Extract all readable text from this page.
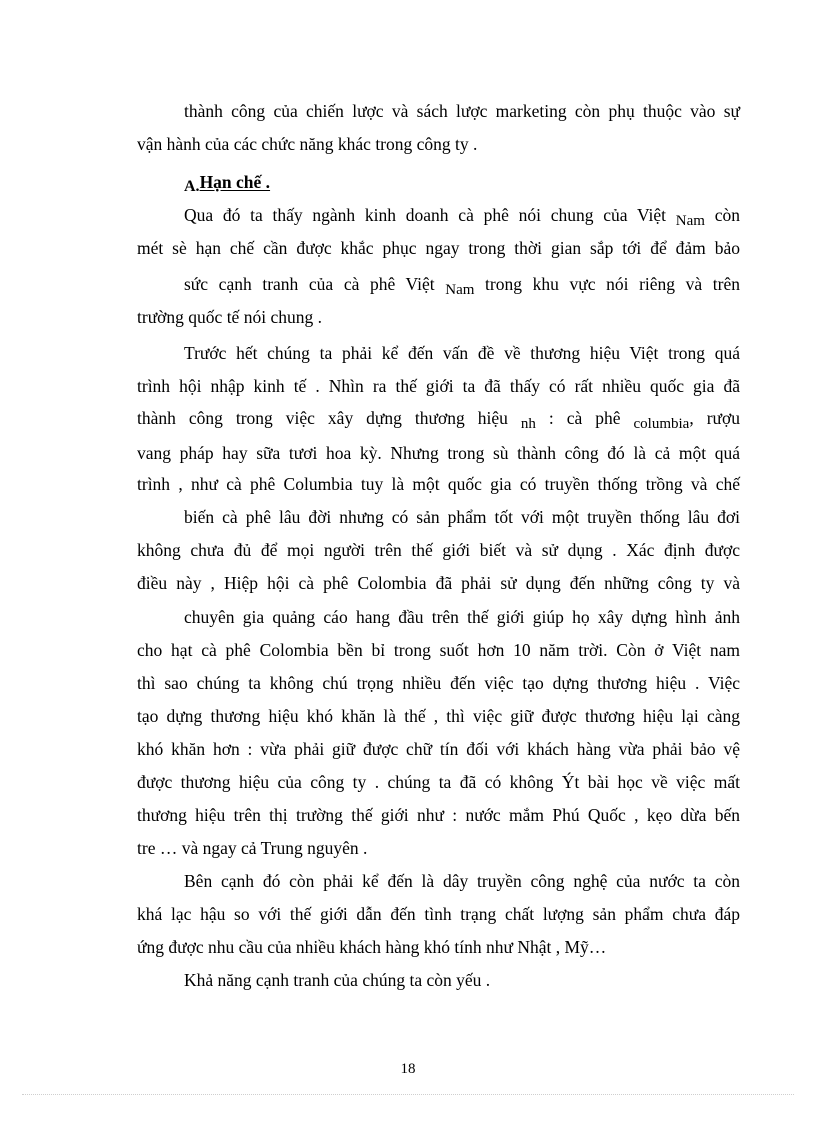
thành công của chiến lược và sách lược marketing còn phụ thuộc vào sự
vận hành của các chức năng khác trong công ty .
A.Hạn chế .
Qua đó ta thấy ngành kinh doanh cà phê nói chung của Việt Nam còn
mét sè hạn chế cần được khắc phục ngay trong thời gian sắp tới để đảm bảo
sức cạnh tranh của cà phê Việt Nam trong khu vực nói riêng và trên
trường quốc tế nói chung .
Trước hết chúng ta phải kể đến vấn đề về thương hiệu Việt trong quá
trình hội nhập kinh tế . Nhìn ra thế giới ta đã thấy có rất nhiều quốc gia đã
thành công trong việc xây dựng thương hiệu nh : cà phê columbia, rượu
vang pháp hay sữa tươi hoa kỳ. Nhưng trong sù thành công đó là cả một quá
trình , như cà phê Columbia tuy là một quốc gia có truyền thống trồng và chế
biến cà phê lâu đời nhưng có sản phẩm tốt với một truyền thống lâu đơi
không chưa đủ để mọi người trên thế giới biết và sử dụng . Xác định được
điều này , Hiệp hội cà phê Colombia đã phải sử dụng đến những công ty và
chuyên gia quảng cáo hang đầu trên thế giới giúp họ xây dựng hình ảnh
cho hạt cà phê Colombia bền bỉ trong suốt hơn 10 năm trời. Còn ở Việt nam
thì sao chúng ta không chú trọng nhiều đến việc tạo dựng thương hiệu . Việc
tạo dựng thương hiệu khó khăn là thế , thì việc giữ được thương hiệu lại càng
khó khăn hơn : vừa phải giữ được chữ tín đối với khách hàng vừa phải bảo vệ
được thương hiệu của công ty . chúng ta đã có không Ýt bài học về việc mất
thương hiệu trên thị trường thế giới như : nước mắm Phú Quốc , kẹo dừa bến
tre … và ngay cả Trung nguyên .
Bên cạnh đó còn phải kể đến là dây truyền công nghệ của nước ta còn
khá lạc hậu so với thế giới dẫn đến tình trạng chất lượng sản phẩm chưa đáp
ứng được nhu cầu của nhiều khách hàng khó tính như Nhật , Mỹ…
Khả năng cạnh tranh của chúng ta còn yếu .
18
